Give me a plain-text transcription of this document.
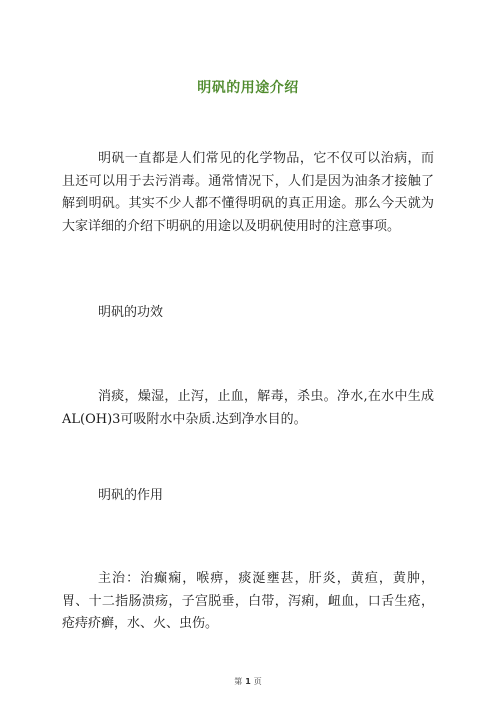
明矾的用途介绍

明矾一直都是人们常见的化学物品，它不仅可以治病，而且还可以用于去污消毒。通常情况下，人们是因为油条才接触了解到明矾。其实不少人都不懂得明矾的真正用途。那么今天就为大家详细的介绍下明矾的用途以及明矾使用时的注意事项。

明矾的功效

消痰，燥湿，止泻，止血，解毒，杀虫。净水,在水中生成AL(OH)3可吸附水中杂质.达到净水目的。

明矾的作用

主治：治癫痫，喉痹，痰涎壅甚，肝炎，黄疸，黄肿，胃、十二指肠溃疡，子宫脱垂，白带，泻痢，衄血，口舌生疮，疮痔疥癣，水、火、虫伤。

第 1 页
